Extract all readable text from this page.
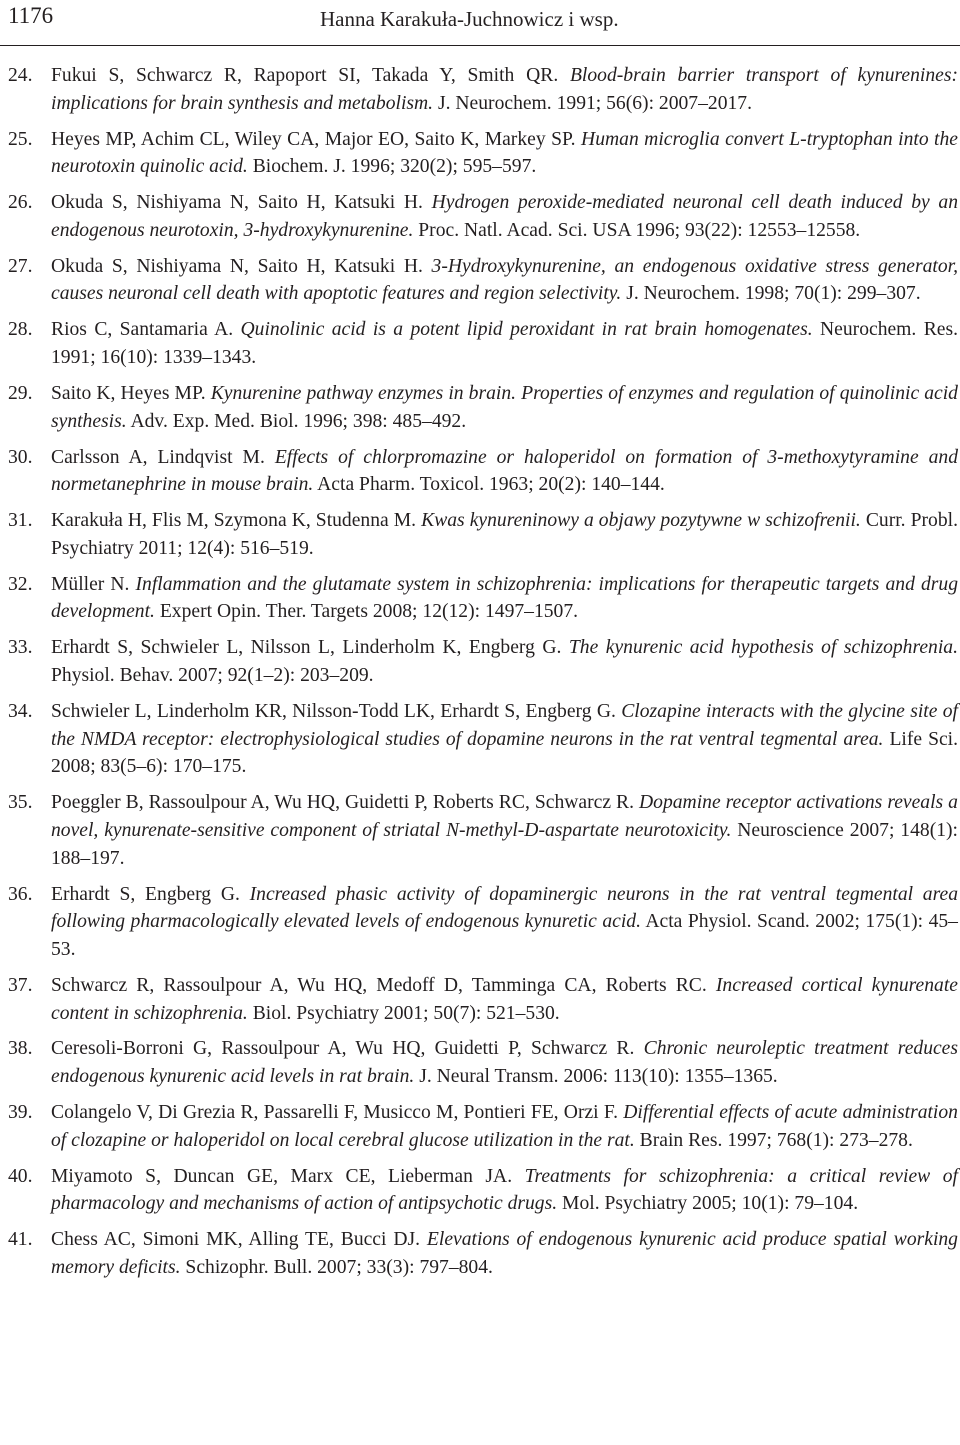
1176	Hanna Karakuła-Juchnowicz i wsp.
24. Fukui S, Schwarcz R, Rapoport SI, Takada Y, Smith QR. Blood-brain barrier transport of kynurenines: implications for brain synthesis and metabolism. J. Neurochem. 1991; 56(6): 2007–2017.
25. Heyes MP, Achim CL, Wiley CA, Major EO, Saito K, Markey SP. Human microglia convert L-tryptophan into the neurotoxin quinolic acid. Biochem. J. 1996; 320(2); 595–597.
26. Okuda S, Nishiyama N, Saito H, Katsuki H. Hydrogen peroxide-mediated neuronal cell death induced by an endogenous neurotoxin, 3-hydroxykynurenine. Proc. Natl. Acad. Sci. USA 1996; 93(22): 12553–12558.
27. Okuda S, Nishiyama N, Saito H, Katsuki H. 3-Hydroxykynurenine, an endogenous oxidative stress generator, causes neuronal cell death with apoptotic features and region selectivity. J. Neurochem. 1998; 70(1): 299–307.
28. Rios C, Santamaria A. Quinolinic acid is a potent lipid peroxidant in rat brain homogenates. Neurochem. Res. 1991; 16(10): 1339–1343.
29. Saito K, Heyes MP. Kynurenine pathway enzymes in brain. Properties of enzymes and regulation of quinolinic acid synthesis. Adv. Exp. Med. Biol. 1996; 398: 485–492.
30. Carlsson A, Lindqvist M. Effects of chlorpromazine or haloperidol on formation of 3-methoxytyramine and normetanephrine in mouse brain. Acta Pharm. Toxicol. 1963; 20(2): 140–144.
31. Karakuła H, Flis M, Szymona K, Studenna M. Kwas kynureninowy a objawy pozytywne w schizofrenii. Curr. Probl. Psychiatry 2011; 12(4): 516–519.
32. Müller N. Inflammation and the glutamate system in schizophrenia: implications for therapeutic targets and drug development. Expert Opin. Ther. Targets 2008; 12(12): 1497–1507.
33. Erhardt S, Schwieler L, Nilsson L, Linderholm K, Engberg G. The kynurenic acid hypothesis of schizophrenia. Physiol. Behav. 2007; 92(1–2): 203–209.
34. Schwieler L, Linderholm KR, Nilsson-Todd LK, Erhardt S, Engberg G. Clozapine interacts with the glycine site of the NMDA receptor: electrophysiological studies of dopamine neurons in the rat ventral tegmental area. Life Sci. 2008; 83(5–6): 170–175.
35. Poeggler B, Rassoulpour A, Wu HQ, Guidetti P, Roberts RC, Schwarcz R. Dopamine receptor activations reveals a novel, kynurenate-sensitive component of striatal N-methyl-D-aspartate neurotoxicity. Neuroscience 2007; 148(1): 188–197.
36. Erhardt S, Engberg G. Increased phasic activity of dopaminergic neurons in the rat ventral tegmental area following pharmacologically elevated levels of endogenous kynuretic acid. Acta Physiol. Scand. 2002; 175(1): 45–53.
37. Schwarcz R, Rassoulpour A, Wu HQ, Medoff D, Tamminga CA, Roberts RC. Increased cortical kynurenate content in schizophrenia. Biol. Psychiatry 2001; 50(7): 521–530.
38. Ceresoli-Borroni G, Rassoulpour A, Wu HQ, Guidetti P, Schwarcz R. Chronic neuroleptic treatment reduces endogenous kynurenic acid levels in rat brain. J. Neural Transm. 2006: 113(10): 1355–1365.
39. Colangelo V, Di Grezia R, Passarelli F, Musicco M, Pontieri FE, Orzi F. Differential effects of acute administration of clozapine or haloperidol on local cerebral glucose utilization in the rat. Brain Res. 1997; 768(1): 273–278.
40. Miyamoto S, Duncan GE, Marx CE, Lieberman JA. Treatments for schizophrenia: a critical review of pharmacology and mechanisms of action of antipsychotic drugs. Mol. Psychiatry 2005; 10(1): 79–104.
41. Chess AC, Simoni MK, Alling TE, Bucci DJ. Elevations of endogenous kynurenic acid produce spatial working memory deficits. Schizophr. Bull. 2007; 33(3): 797–804.
